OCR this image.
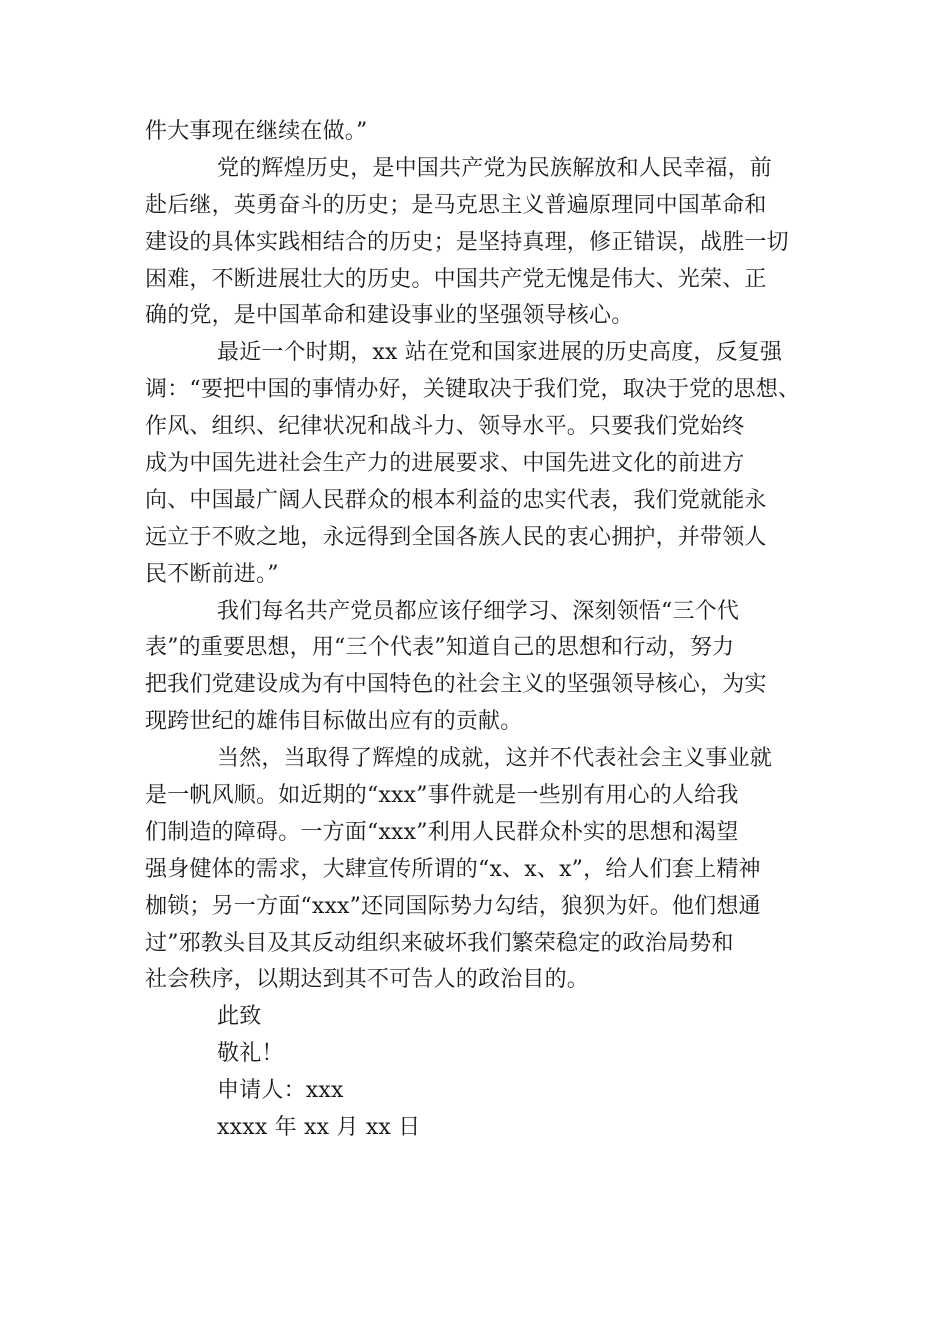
件大事现在继续在做。”
党的辉煌历史，是中国共产党为民族解放和人民幸福，前
赴后继，英勇奋斗的历史；是马克思主义普遍原理同中国革命和
建设的具体实践相结合的历史；是坚持真理，修正错误，战胜一切
困难，不断进展壮大的历史。中国共产党无愧是伟大、光荣、正
确的党，是中国革命和建设事业的坚强领导核心。
最近一个时期，xx 站在党和国家进展的历史高度，反复强
调：“要把中国的事情办好，关键取决于我们党，取决于党的思想、
作风、组织、纪律状况和战斗力、领导水平。只要我们党始终
成为中国先进社会生产力的进展要求、中国先进文化的前进方
向、中国最广阔人民群众的根本利益的忠实代表，我们党就能永
远立于不败之地，永远得到全国各族人民的衷心拥护，并带领人
民不断前进。”
我们每名共产党员都应该仔细学习、深刻领悟“三个代
表”的重要思想，用“三个代表”知道自己的思想和行动，努力
把我们党建设成为有中国特色的社会主义的坚强领导核心，为实
现跨世纪的雄伟目标做出应有的贡献。
当然，当取得了辉煌的成就，这并不代表社会主义事业就
是一帆风顺。如近期的“xxx”事件就是一些别有用心的人给我
们制造的障碍。一方面“xxx”利用人民群众朴实的思想和渴望
强身健体的需求，大肆宣传所谓的“x、x、x”，给人们套上精神
枷锁；另一方面“xxx”还同国际势力勾结，狼狈为奸。他们想通
过”邪教头目及其反动组织来破坏我们繁荣稳定的政治局势和
社会秩序，以期达到其不可告人的政治目的。
此致
敬礼！
申请人：xxx
xxxx 年 xx 月 xx 日
